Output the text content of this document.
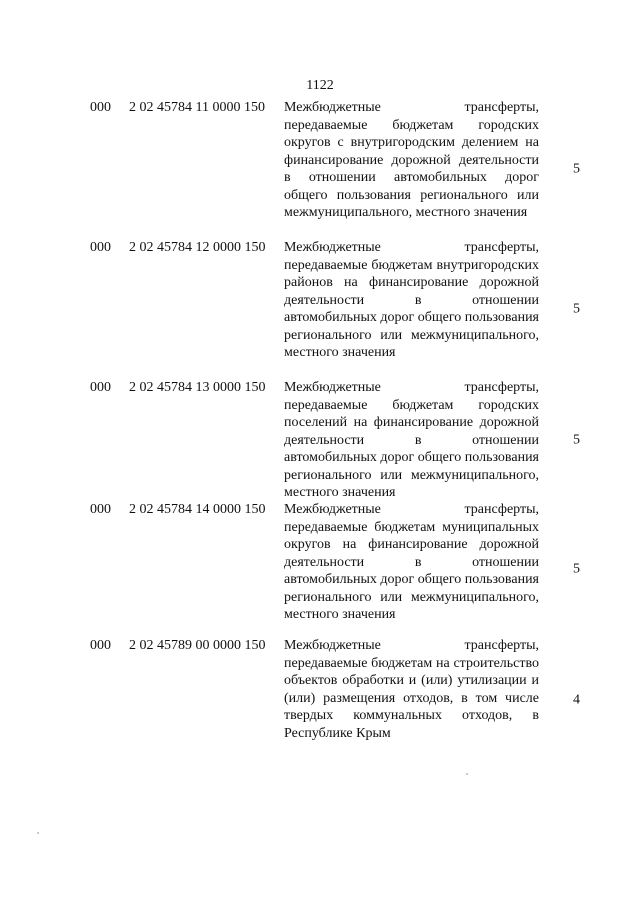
1122
000 2 02 45784 11 0000 150 Межбюджетные трансферты, передаваемые бюджетам городских округов с внутригородским делением на финансирование дорожной деятельности в отношении автомобильных дорог общего пользования регионального или межмуниципального, местного значения
5
000 2 02 45784 12 0000 150 Межбюджетные трансферты, передаваемые бюджетам внутригородских районов на финансирование дорожной деятельности в отношении автомобильных дорог общего пользования регионального или межмуниципального, местного значения
5
000 2 02 45784 13 0000 150 Межбюджетные трансферты, передаваемые бюджетам городских поселений на финансирование дорожной деятельности в отношении автомобильных дорог общего пользования регионального или межмуниципального, местного значения
5
000 2 02 45784 14 0000 150 Межбюджетные трансферты, передаваемые бюджетам муниципальных округов на финансирование дорожной деятельности в отношении автомобильных дорог общего пользования регионального или межмуниципального, местного значения
5
000 2 02 45789 00 0000 150 Межбюджетные трансферты, передаваемые бюджетам на строительство объектов обработки и (или) утилизации и (или) размещения отходов, в том числе твердых коммунальных отходов, в Республике Крым
4
